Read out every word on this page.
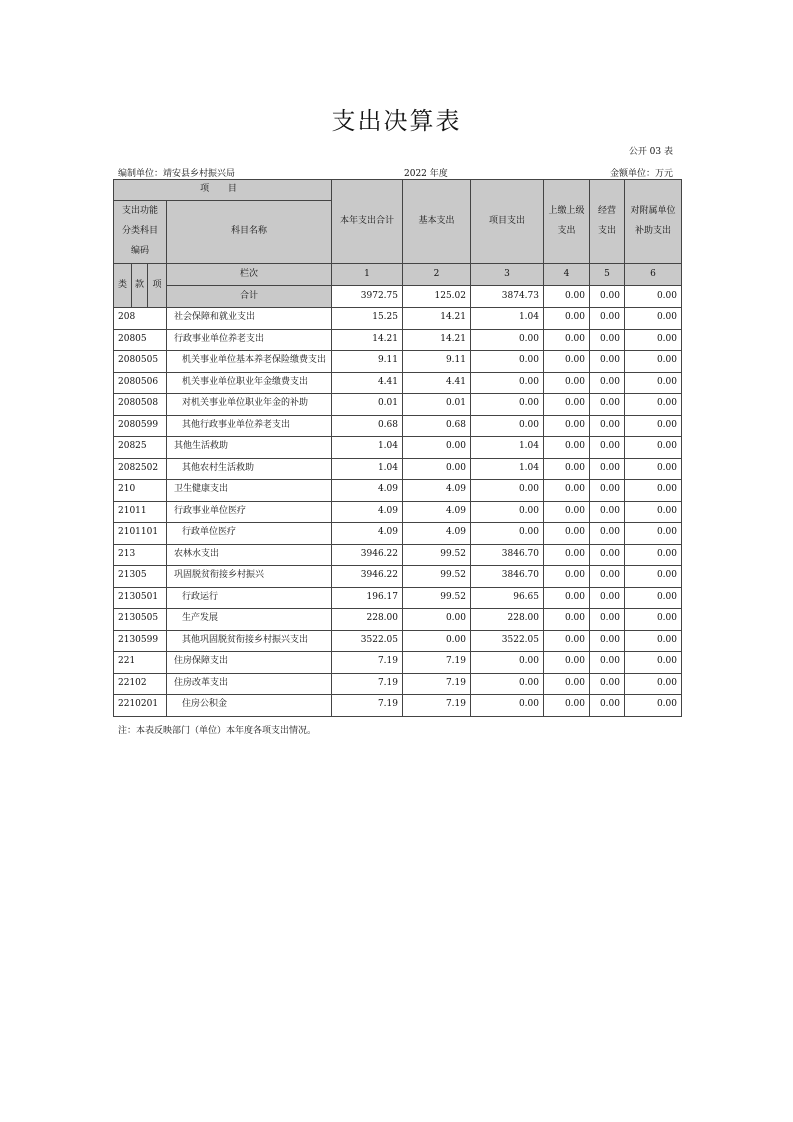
支出决算表
公开 03 表
编制单位：靖安县乡村振兴局	2022 年度	金额单位：万元
项 目				本年支出合计	基本支出	项目支出	上缴上级支出	经营支出	对附属单位补助支出
支出功能分类科目编码			科目名称						

类	款	项	栏次	1	2	3	4	5	6
			合计	3972.75	125.02	3874.73	0.00	0.00	0.00
208			社会保障和就业支出	15.25	14.21	1.04	0.00	0.00	0.00
20805			行政事业单位养老支出	14.21	14.21	0.00	0.00	0.00	0.00
2080505			机关事业单位基本养老保险缴费支出	9.11	9.11	0.00	0.00	0.00	0.00
2080506			机关事业单位职业年金缴费支出	4.41	4.41	0.00	0.00	0.00	0.00
2080508			对机关事业单位职业年金的补助	0.01	0.01	0.00	0.00	0.00	0.00
2080599			其他行政事业单位养老支出	0.68	0.68	0.00	0.00	0.00	0.00
20825			其他生活救助	1.04	0.00	1.04	0.00	0.00	0.00
2082502			其他农村生活救助	1.04	0.00	1.04	0.00	0.00	0.00
210			卫生健康支出	4.09	4.09	0.00	0.00	0.00	0.00
21011			行政事业单位医疗	4.09	4.09	0.00	0.00	0.00	0.00
2101101			行政单位医疗	4.09	4.09	0.00	0.00	0.00	0.00
213			农林水支出	3946.22	99.52	3846.70	0.00	0.00	0.00
21305			巩固脱贫衔接乡村振兴	3946.22	99.52	3846.70	0.00	0.00	0.00
2130501			行政运行	196.17	99.52	96.65	0.00	0.00	0.00
2130505			生产发展	228.00	0.00	228.00	0.00	0.00	0.00
2130599			其他巩固脱贫衔接乡村振兴支出	3522.05	0.00	3522.05	0.00	0.00	0.00
221			住房保障支出	7.19	7.19	0.00	0.00	0.00	0.00
22102			住房改革支出	7.19	7.19	0.00	0.00	0.00	0.00
2210201			住房公积金	7.19	7.19	0.00	0.00	0.00	0.00
注：本表反映部门（单位）本年度各项支出情况。
